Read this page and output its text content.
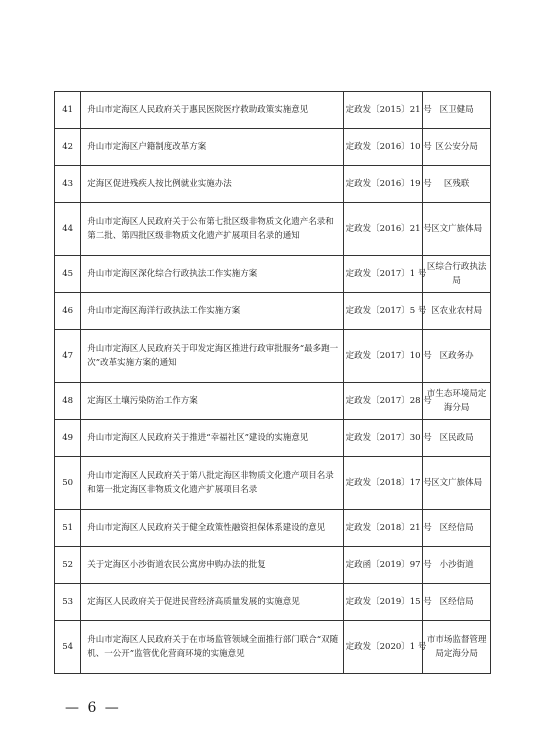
41	舟山市定海区人民政府关于惠民医院医疗救助政策实施意见	定政发〔2015〕21 号	区卫健局
42	舟山市定海区户籍制度改革方案	定政发〔2016〕10 号	区公安分局
43	定海区促进残疾人按比例就业实施办法	定政发〔2016〕19 号	区残联
44	舟山市定海区人民政府关于公布第七批区级非物质文化遗产名录和第二批、第四批区级非物质文化遗产扩展项目名录的通知	定政发〔2016〕21 号	区文广旅体局
45	舟山市定海区深化综合行政执法工作实施方案	定政发〔2017〕1 号	区综合行政执法局
46	舟山市定海区海洋行政执法工作实施方案	定政发〔2017〕5 号	区农业农村局
47	舟山市定海区人民政府关于印发定海区推进行政审批服务“最多跑一次”改革实施方案的通知	定政发〔2017〕10 号	区政务办
48	定海区土壤污染防治工作方案	定政发〔2017〕28 号	市生态环境局定海分局
49	舟山市定海区人民政府关于推进“幸福社区”建设的实施意见	定政发〔2017〕30 号	区民政局
50	舟山市定海区人民政府关于第八批定海区非物质文化遗产项目名录和第一批定海区非物质文化遗产扩展项目名录	定政发〔2018〕17 号	区文广旅体局
51	舟山市定海区人民政府关于健全政策性融资担保体系建设的意见	定政发〔2018〕21 号	区经信局
52	关于定海区小沙街道农民公寓房申购办法的批复	定政函〔2019〕97 号	小沙街道
53	定海区人民政府关于促进民营经济高质量发展的实施意见	定政发〔2019〕15 号	区经信局
54	舟山市定海区人民政府关于在市场监管领域全面推行部门联合“双随机、一公开”监管优化营商环境的实施意见	定政发〔2020〕1 号	市市场监督管理局定海分局
— 6 —
